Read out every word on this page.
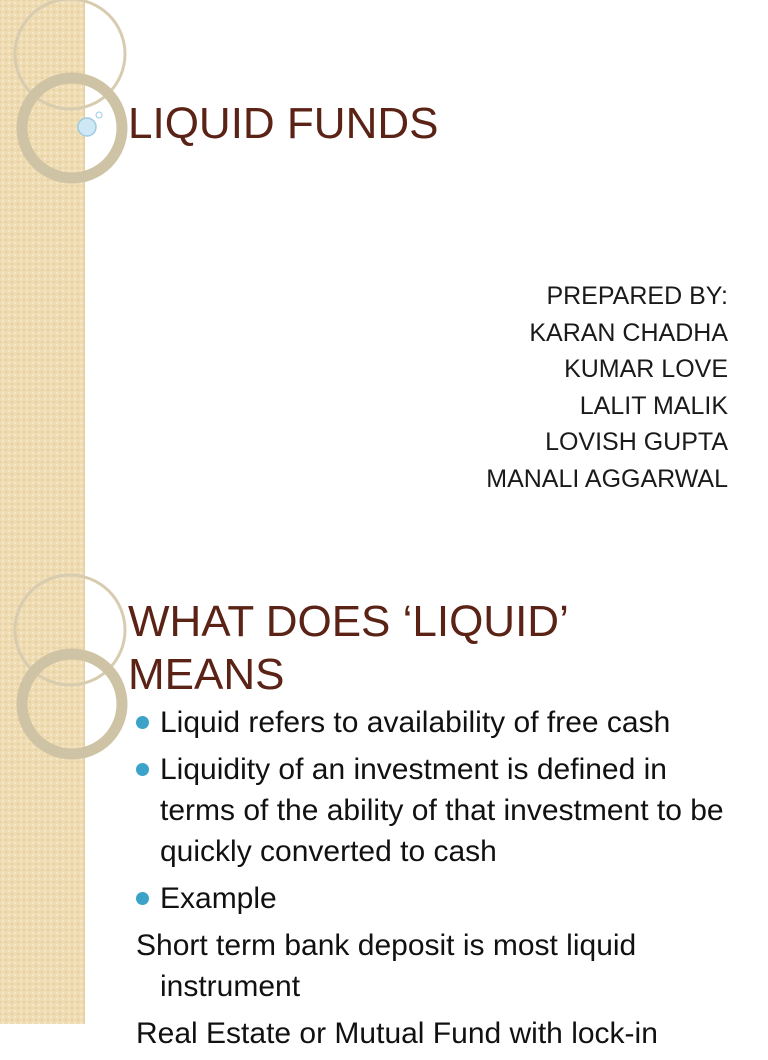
LIQUID FUNDS
PREPARED BY:
KARAN CHADHA
KUMAR LOVE
LALIT MALIK
LOVISH GUPTA
MANALI AGGARWAL
WHAT DOES ‘LIQUID’ MEANS
Liquid refers to availability of free cash
Liquidity of an investment is defined in terms of the ability of that investment to be quickly converted to cash
Example
Short term bank deposit is most liquid instrument
Real Estate or Mutual Fund with lock-in
